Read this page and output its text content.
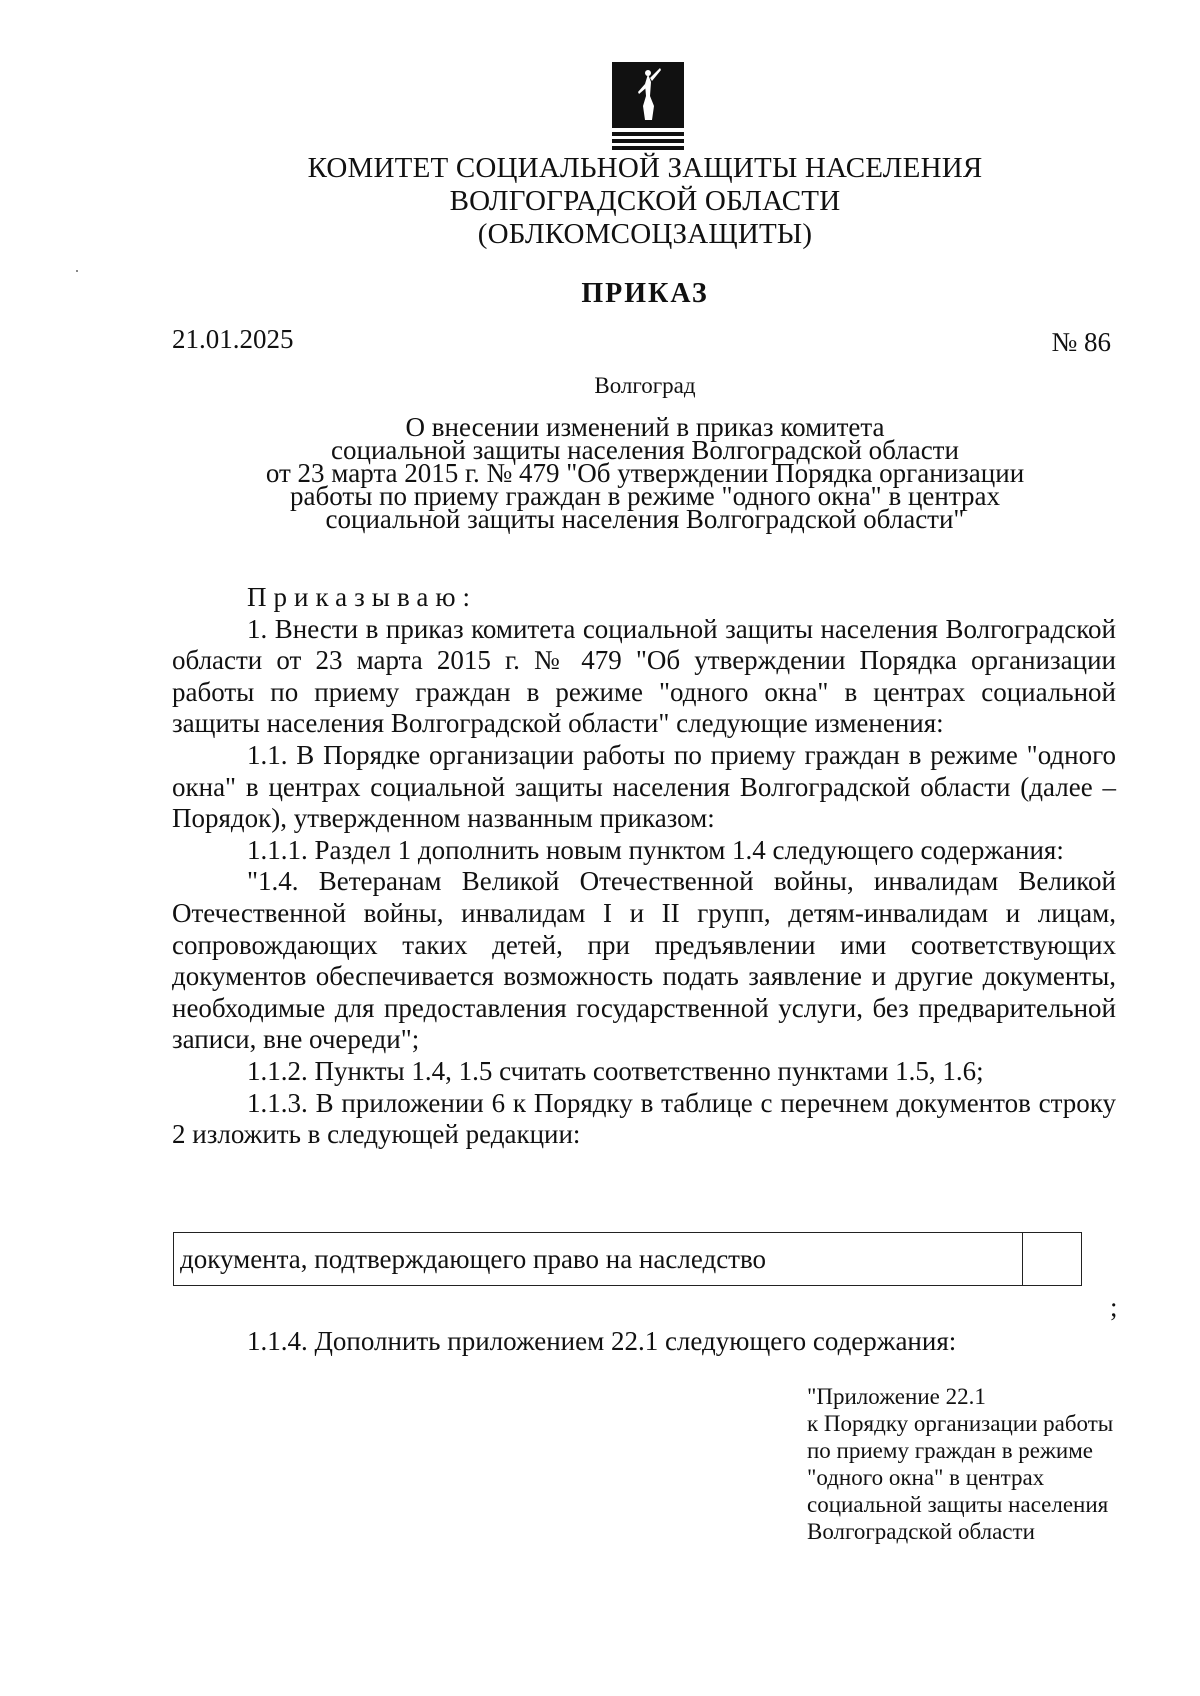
КОМИТЕТ СОЦИАЛЬНОЙ ЗАЩИТЫ НАСЕЛЕНИЯ
ВОЛГОГРАДСКОЙ ОБЛАСТИ
(ОБЛКОМСОЦЗАЩИТЫ)
ПРИКАЗ
21.01.2025	№ 86
Волгоград
О внесении изменений в приказ комитета
социальной защиты населения Волгоградской области
от 23 марта 2015 г. № 479 "Об утверждении Порядка организации
работы по приему граждан в режиме "одного окна" в центрах
социальной защиты населения Волгоградской области"

Приказываю:

1. Внести в приказ комитета социальной защиты населения Волгоградской области от 23 марта 2015 г. № 479 "Об утверждении Порядка организации работы по приему граждан в режиме "одного окна" в центрах социальной защиты населения Волгоградской области" следующие изменения:

1.1. В Порядке организации работы по приему граждан в режиме "одного окна" в центрах социальной защиты населения Волгоградской области (далее – Порядок), утвержденном названным приказом:

1.1.1. Раздел 1 дополнить новым пунктом 1.4 следующего содержания:

"1.4. Ветеранам Великой Отечественной войны, инвалидам Великой Отечественной войны, инвалидам I и II групп, детям-инвалидам и лицам, сопровождающих таких детей, при предъявлении ими соответствующих документов обеспечивается возможность подать заявление и другие документы, необходимые для предоставления государственной услуги, без предварительной записи, вне очереди";

1.1.2. Пункты 1.4, 1.5 считать соответственно пунктами 1.5, 1.6;

1.1.3. В приложении 6 к Порядку в таблице с перечнем документов строку 2 изложить в следующей редакции:

документа, подтверждающего право на наследство
;
1.1.4. Дополнить приложением 22.1 следующего содержания:
"Приложение 22.1
к Порядку организации работы
по приему граждан в режиме
"одного окна" в центрах
социальной защиты населения
Волгоградской области
